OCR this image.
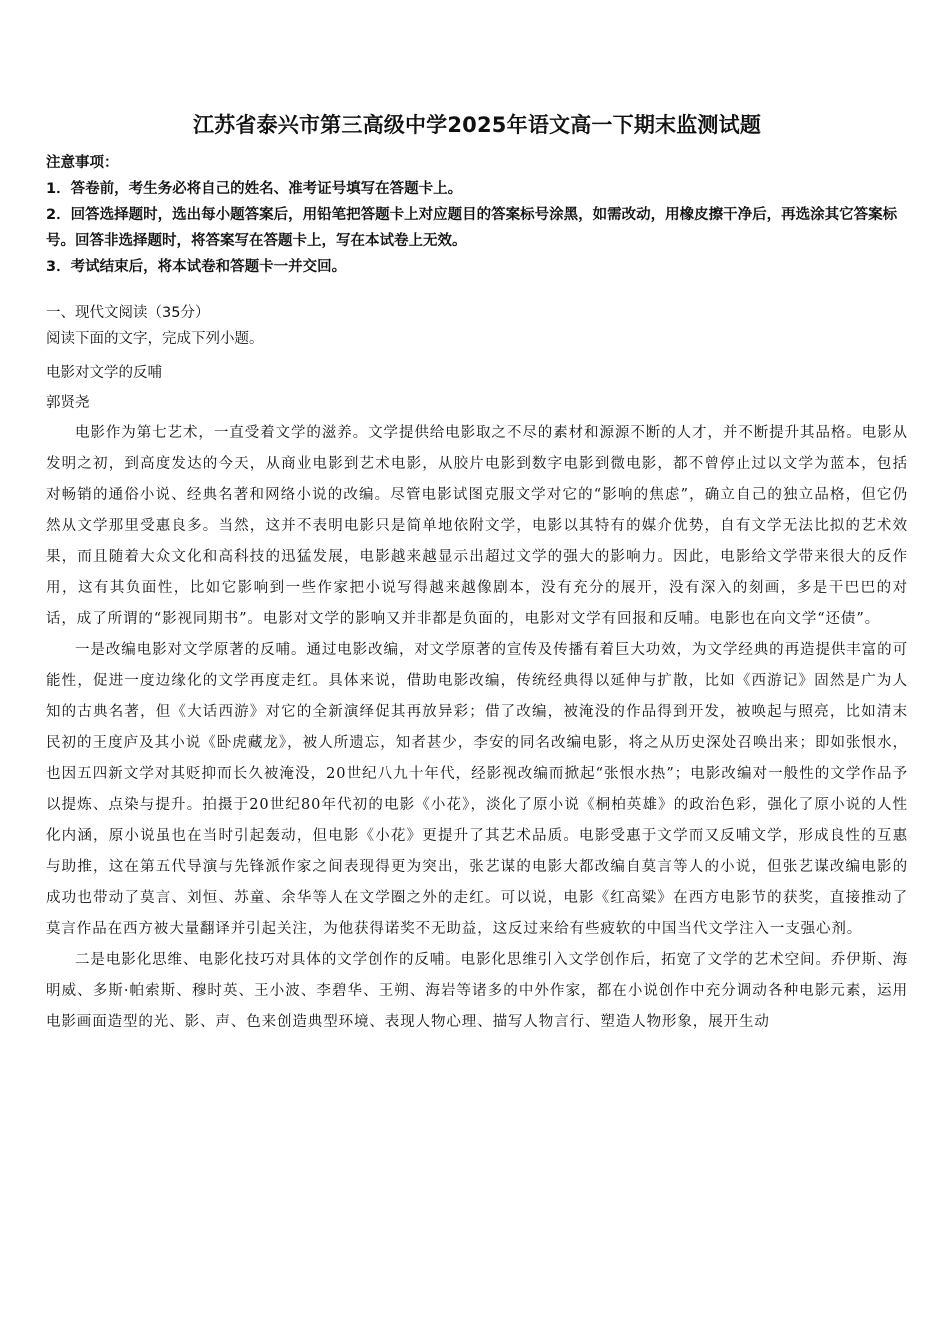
江苏省泰兴市第三高级中学2025年语文高一下期末监测试题

注意事项：

1．答卷前，考生务必将自己的姓名、准考证号填写在答题卡上。

2．回答选择题时，选出每小题答案后，用铅笔把答题卡上对应题目的答案标号涂黑，如需改动，用橡皮擦干净后，再选涂其它答案标号。回答非选择题时，将答案写在答题卡上，写在本试卷上无效。

3．考试结束后，将本试卷和答题卡一并交回。

一、现代文阅读（35分）

阅读下面的文字，完成下列小题。

电影对文学的反哺

郭贤尧

电影作为第七艺术，一直受着文学的滋养。文学提供给电影取之不尽的素材和源源不断的人才，并不断提升其品格。电影从发明之初，到高度发达的今天，从商业电影到艺术电影，从胶片电影到数字电影到微电影，都不曾停止过以文学为蓝本，包括对畅销的通俗小说、经典名著和网络小说的改编。尽管电影试图克服文学对它的“影响的焦虑”，确立自己的独立品格，但它仍然从文学那里受惠良多。当然，这并不表明电影只是简单地依附文学，电影以其特有的媒介优势，自有文学无法比拟的艺术效果，而且随着大众文化和高科技的迅猛发展，电影越来越显示出超过文学的强大的影响力。因此，电影给文学带来很大的反作用，这有其负面性，比如它影响到一些作家把小说写得越来越像剧本，没有充分的展开，没有深入的刻画，多是干巴巴的对话，成了所谓的“影视同期书”。电影对文学的影响又并非都是负面的，电影对文学有回报和反哺。电影也在向文学“还债”。

一是改编电影对文学原著的反哺。通过电影改编，对文学原著的宣传及传播有着巨大功效，为文学经典的再造提供丰富的可能性，促进一度边缘化的文学再度走红。具体来说，借助电影改编，传统经典得以延伸与扩散，比如《西游记》固然是广为人知的古典名著，但《大话西游》对它的全新演绎促其再放异彩；借了改编，被淹没的作品得到开发，被唤起与照亮，比如清末民初的王度庐及其小说《卧虎藏龙》，被人所遗忘，知者甚少，李安的同名改编电影，将之从历史深处召唤出来；即如张恨水，也因五四新文学对其贬抑而长久被淹没，20世纪八九十年代，经影视改编而掀起“张恨水热”；电影改编对一般性的文学作品予以提炼、点染与提升。拍摄于20世纪80年代初的电影《小花》，淡化了原小说《桐柏英雄》的政治色彩，强化了原小说的人性化内涵，原小说虽也在当时引起轰动，但电影《小花》更提升了其艺术品质。电影受惠于文学而又反哺文学，形成良性的互惠与助推，这在第五代导演与先锋派作家之间表现得更为突出，张艺谋的电影大都改编自莫言等人的小说，但张艺谋改编电影的成功也带动了莫言、刘恒、苏童、余华等人在文学圈之外的走红。可以说，电影《红高粱》在西方电影节的获奖，直接推动了莫言作品在西方被大量翻译并引起关注，为他获得诺奖不无助益，这反过来给有些疲软的中国当代文学注入一支强心剂。

二是电影化思维、电影化技巧对具体的文学创作的反哺。电影化思维引入文学创作后，拓宽了文学的艺术空间。乔伊斯、海明威、多斯·帕索斯、穆时英、王小波、李碧华、王朔、海岩等诸多的中外作家，都在小说创作中充分调动各种电影元素，运用电影画面造型的光、影、声、色来创造典型环境、表现人物心理、描写人物言行、塑造人物形象，展开生动
